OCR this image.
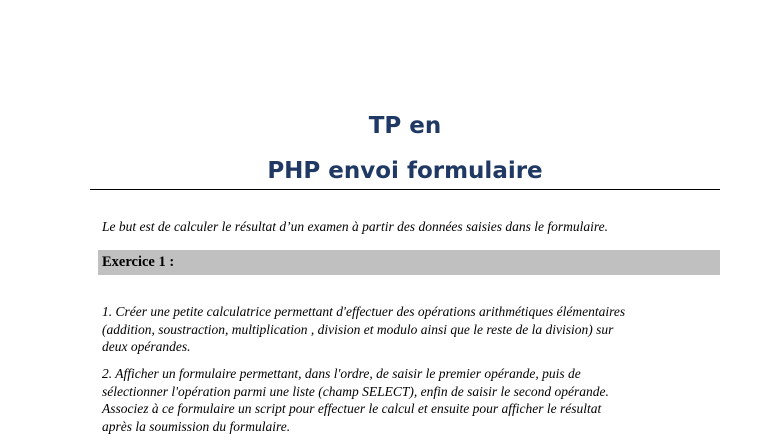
TP en
PHP envoi formulaire

Le but est de calculer le résultat d’un examen à partir des données saisies dans le formulaire.

Exercice 1 :

1. Créer une petite calculatrice permettant d'effectuer des opérations arithmétiques élémentaires
(addition, soustraction, multiplication , division et modulo ainsi que le reste de la division) sur
deux opérandes.

2. Afficher un formulaire permettant, dans l'ordre, de saisir le premier opérande, puis de
sélectionner l'opération parmi une liste (champ SELECT), enfin de saisir le second opérande.
Associez à ce formulaire un script pour effectuer le calcul et ensuite pour afficher le résultat
après la soumission du formulaire.
